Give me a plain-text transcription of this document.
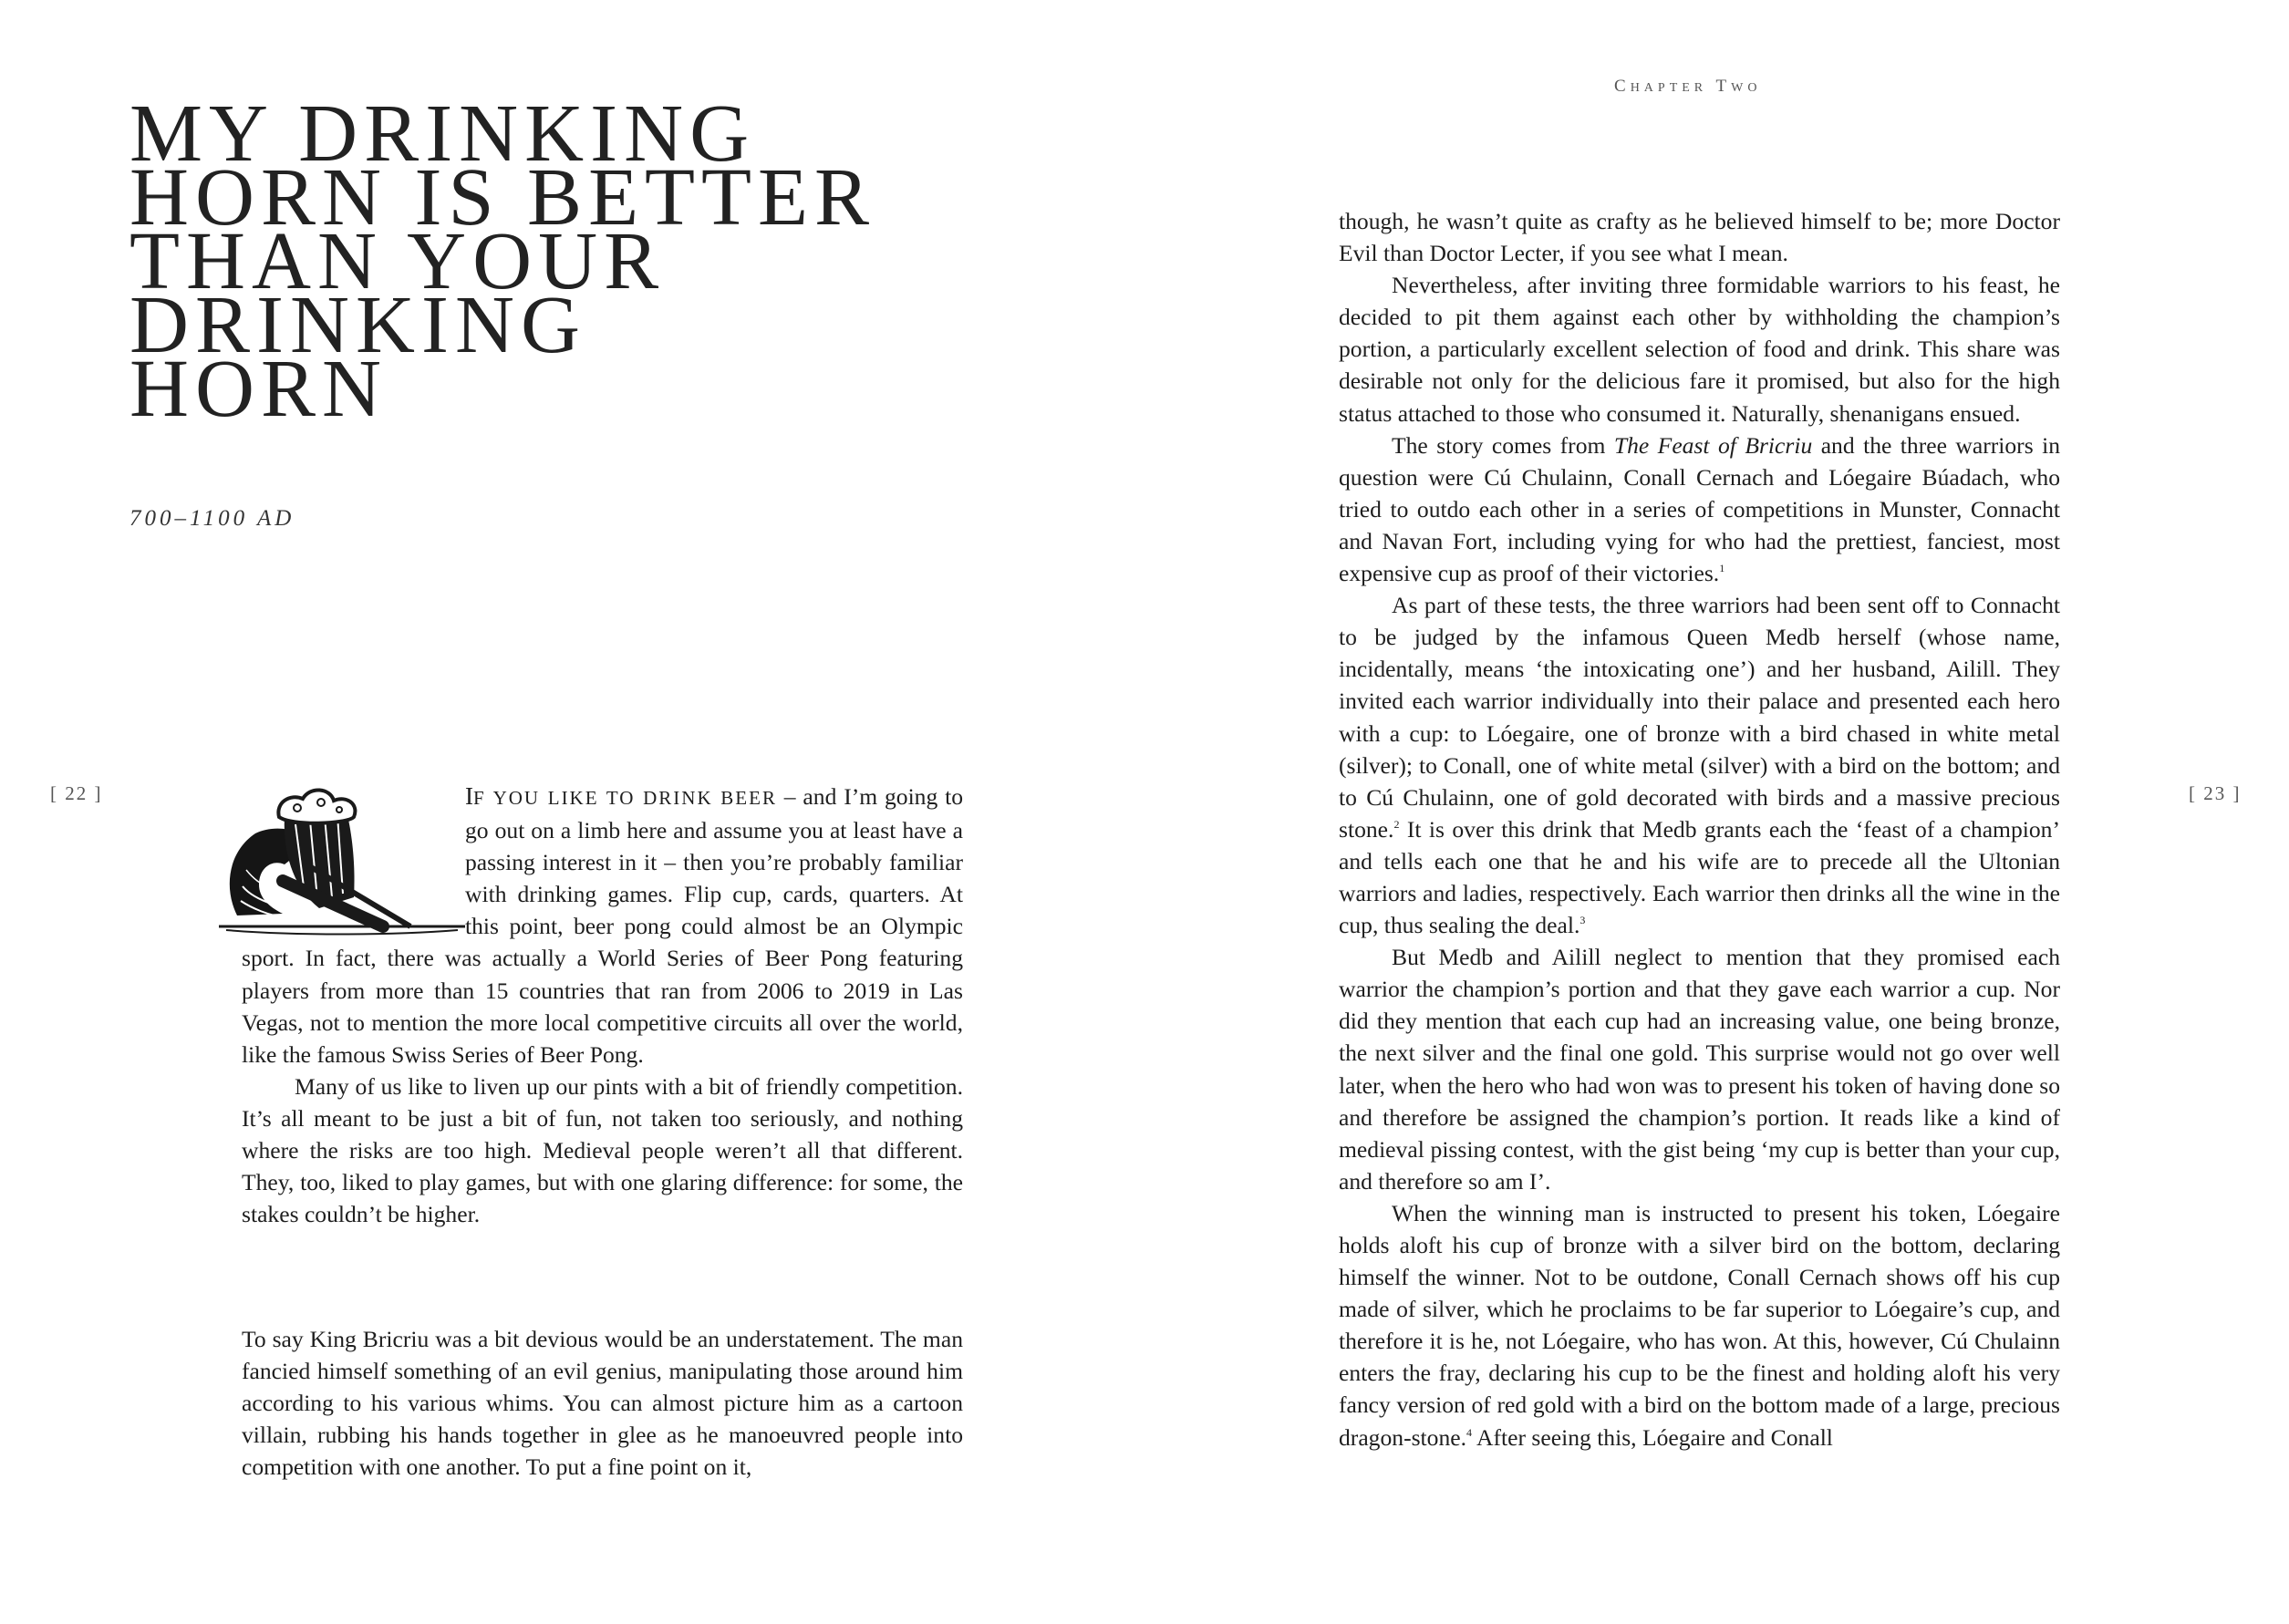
MY DRINKING
HORN IS BETTER
THAN YOUR
DRINKING
HORN
700–1100 AD
[ 22 ]	IF YOU LIKE TO DRINK BEER – and I’m going to go out on a limb here and assume you at least have a passing interest in it – then you’re probably familiar with drinking games. Flip cup, cards, quarters. At this point, beer pong could almost be an Olympic sport. In fact, there was actually a World Series of Beer Pong featuring players from more than 15 countries that ran from 2006 to 2019 in Las Vegas, not to mention the more local competitive circuits all over the world, like the famous Swiss Series of Beer Pong.

Many of us like to liven up our pints with a bit of friendly competition. It’s all meant to be just a bit of fun, not taken too seriously, and nothing where the risks are too high. Medieval people weren’t all that different. They, too, liked to play games, but with one glaring difference: for some, the stakes couldn’t be higher.

To say King Bricriu was a bit devious would be an understatement. The man fancied himself something of an evil genius, manipulating those around him according to his various whims. You can almost picture him as a cartoon villain, rubbing his hands together in glee as he manoeuvred people into competition with one another. To put a fine point on it,

CHAPTER TWO
[ 23 ]

though, he wasn’t quite as crafty as he believed himself to be; more Doctor Evil than Doctor Lecter, if you see what I mean.

Nevertheless, after inviting three formidable warriors to his feast, he decided to pit them against each other by withholding the champion’s portion, a particularly excellent selection of food and drink. This share was desirable not only for the delicious fare it promised, but also for the high status attached to those who consumed it. Naturally, shenanigans ensued.

The story comes from The Feast of Bricriu and the three warriors in question were Cú Chulainn, Conall Cernach and Lóegaire Búadach, who tried to outdo each other in a series of competitions in Munster, Connacht and Navan Fort, including vying for who had the prettiest, fanciest, most expensive cup as proof of their victories.$^1$

As part of these tests, the three warriors had been sent off to Connacht to be judged by the infamous Queen Medb herself (whose name, incidentally, means ‘the intoxicating one’) and her husband, Ailill. They invited each warrior individually into their palace and presented each hero with a cup: to Lóegaire, one of bronze with a bird chased in white metal (silver); to Conall, one of white metal (silver) with a bird on the bottom; and to Cú Chulainn, one of gold decorated with birds and a massive precious stone.$^2$ It is over this drink that Medb grants each the ‘feast of a champion’ and tells each one that he and his wife are to precede all the Ultonian warriors and ladies, respectively. Each warrior then drinks all the wine in the cup, thus sealing the deal.$^3$

But Medb and Ailill neglect to mention that they promised each warrior the champion’s portion and that they gave each warrior a cup. Nor did they mention that each cup had an increasing value, one being bronze, the next silver and the final one gold. This surprise would not go over well later, when the hero who had won was to present his token of having done so and therefore be assigned the champion’s portion. It reads like a kind of medieval pissing contest, with the gist being ‘my cup is better than your cup, and therefore so am I’.

When the winning man is instructed to present his token, Lóegaire holds aloft his cup of bronze with a silver bird on the bottom, declaring himself the winner. Not to be outdone, Conall Cernach shows off his cup made of silver, which he proclaims to be far superior to Lóegaire’s cup, and therefore it is he, not Lóegaire, who has won. At this, however, Cú Chulainn enters the fray, declaring his cup to be the finest and holding aloft his very fancy version of red gold with a bird on the bottom made of a large, precious dragon-stone.$^4$ After seeing this, Lóegaire and Conall
